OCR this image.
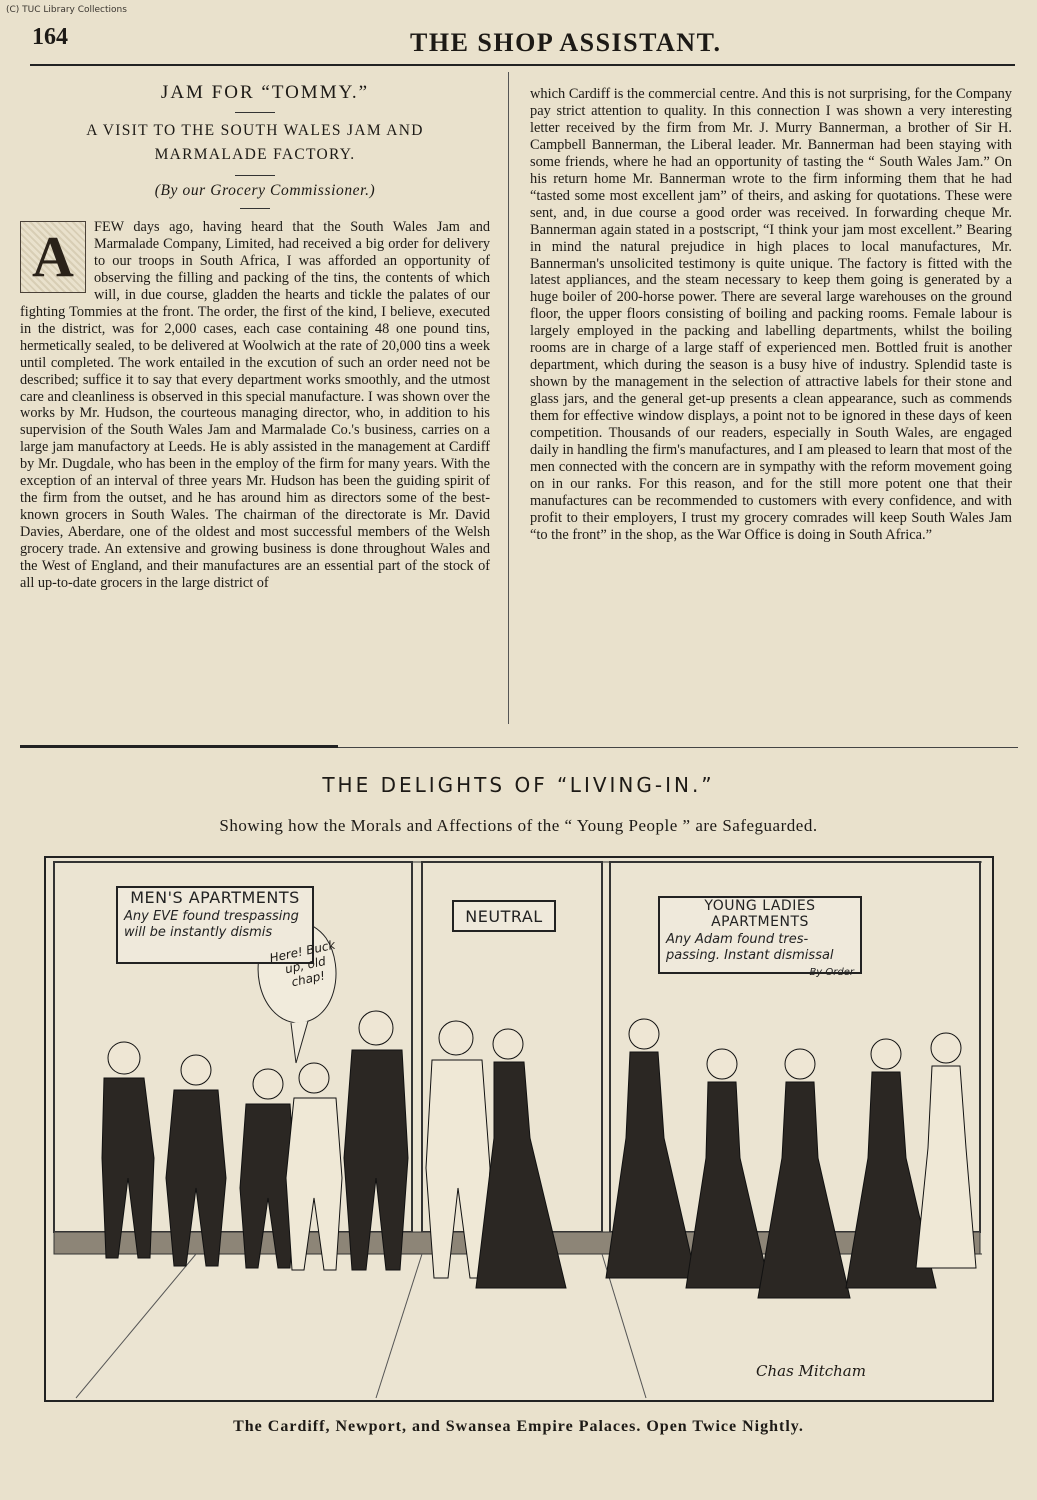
(C) TUC Library Collections
164	THE SHOP ASSISTANT.
JAM FOR “TOMMY.”
A VISIT TO THE SOUTH WALES JAM AND
MARMALADE FACTORY.
(By our Grocery Commissioner.)
A	FEW days ago, having heard that the South Wales Jam and Marmalade Company, Limited, had received a big order for delivery to our troops in South Africa, I was afforded an opportunity of observing the filling and packing of the tins, the contents of which will, in due course, gladden the hearts and tickle the palates of our fighting Tommies at the front. The order, the first of the kind, I believe, executed in the district, was for 2,000 cases, each case containing 48 one pound tins, hermetically sealed, to be delivered at Woolwich at the rate of 20,000 tins a week until completed. The work entailed in the excution of such an order need not be described; suffice it to say that every department works smoothly, and the utmost care and cleanliness is observed in this special manufacture. I was shown over the works by Mr. Hudson, the courteous managing director, who, in addition to his supervision of the South Wales Jam and Marmalade Co.'s business, carries on a large jam manufactory at Leeds. He is ably assisted in the management at Cardiff by Mr. Dugdale, who has been in the employ of the firm for many years. With the exception of an interval of three years Mr. Hudson has been the guiding spirit of the firm from the outset, and he has around him as directors some of the best-known grocers in South Wales. The chairman of the directorate is Mr. David Davies, Aberdare, one of the oldest and most successful members of the Welsh grocery trade. An extensive and growing business is done throughout Wales and the West of England, and their manufactures are an essential part of the stock of all up-to-date grocers in the large district of
which Cardiff is the commercial centre. And this is not surprising, for the Company pay strict attention to quality. In this connection I was shown a very interesting letter received by the firm from Mr. J. Murry Bannerman, a brother of Sir H. Campbell Bannerman, the Liberal leader. Mr. Bannerman had been staying with some friends, where he had an opportunity of tasting the “ South Wales Jam.” On his return home Mr. Bannerman wrote to the firm informing them that he had “tasted some most excellent jam” of theirs, and asking for quotations. These were sent, and, in due course a good order was received. In forwarding cheque Mr. Bannerman again stated in a postscript, “I think your jam most excellent.” Bearing in mind the natural prejudice in high places to local manufactures, Mr. Bannerman's unsolicited testimony is quite unique. The factory is fitted with the latest appliances, and the steam necessary to keep them going is generated by a huge boiler of 200-horse power. There are several large warehouses on the ground floor, the upper floors consisting of boiling and packing rooms. Female labour is largely employed in the packing and labelling departments, whilst the boiling rooms are in charge of a large staff of experienced men. Bottled fruit is another department, which during the season is a busy hive of industry. Splendid taste is shown by the management in the selection of attractive labels for their stone and glass jars, and the general get-up presents a clean appearance, such as commends them for effective window displays, a point not to be ignored in these days of keen competition. Thousands of our readers, especially in South Wales, are engaged daily in handling the firm's manufactures, and I am pleased to learn that most of the men connected with the concern are in sympathy with the reform movement going on in our ranks. For this reason, and for the still more potent one that their manufactures can be recommended to customers with every confidence, and with profit to their employers, I trust my grocery comrades will keep South Wales Jam “to the front” in the shop, as the War Office is doing in South Africa.”
THE DELIGHTS OF “LIVING-IN.”
Showing how the Morals and Affections of the “ Young People ” are Safeguarded.
MEN'S APARTMENTS
Any EVE found trespassing will be instantly dismis
NEUTRAL
YOUNG LADIES APARTMENTS
Any Adam found tres-passing. Instant dismissal
By Order
Here! Buck up, old chap!
Chas Mitcham
The Cardiff, Newport, and Swansea Empire Palaces. Open Twice Nightly.
